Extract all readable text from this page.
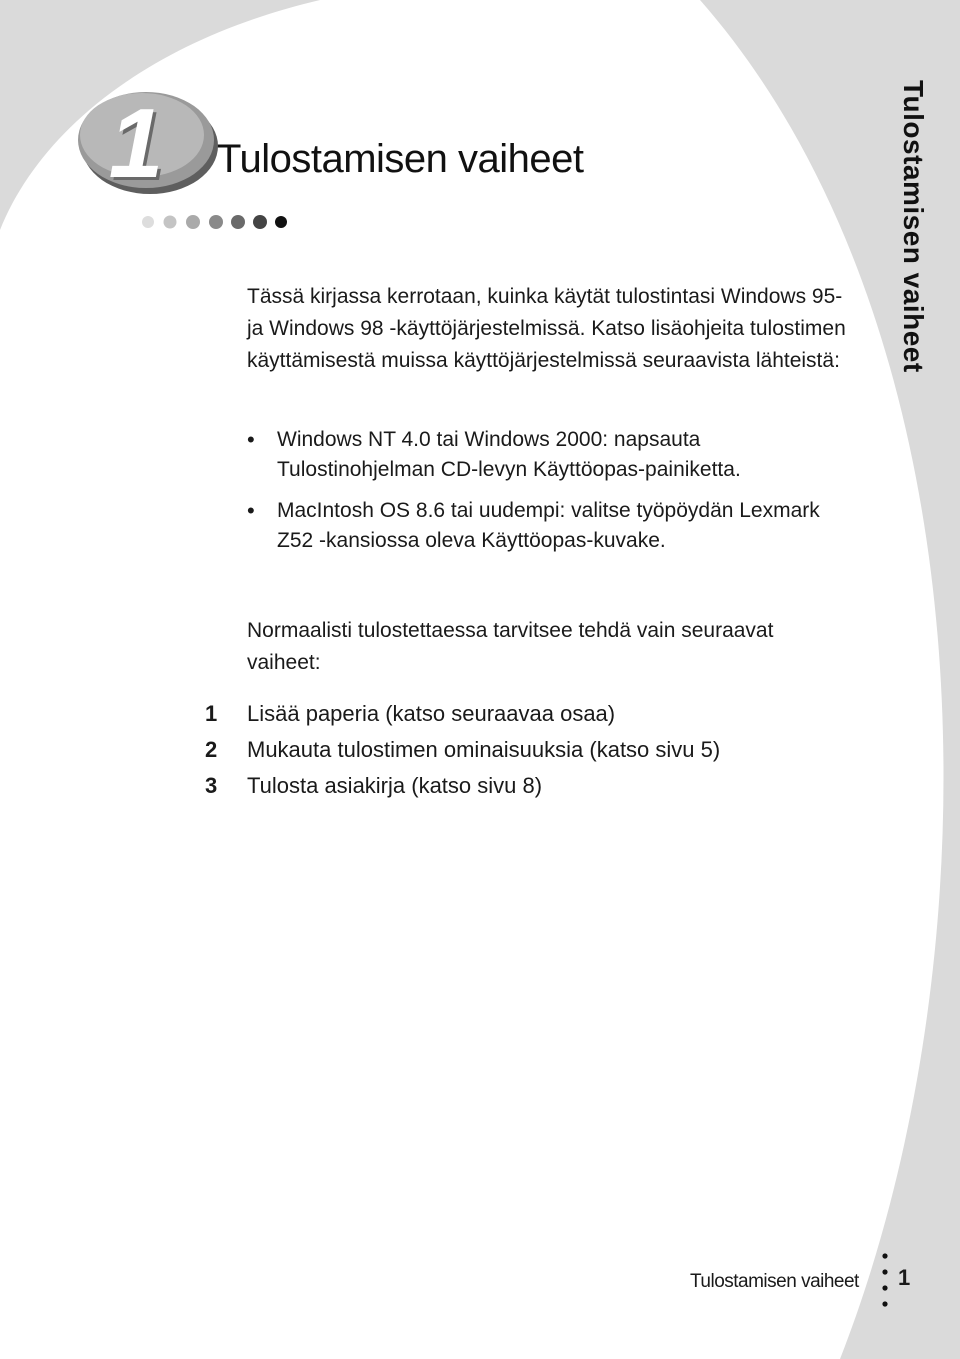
1	Tulostamisen vaiheet	Tulostamisen vaiheet

Tässä kirjassa kerrotaan, kuinka käytät tulostintasi Windows 95- ja Windows 98 -käyttöjärjestelmissä. Katso lisäohjeita tulostimen käyttämisestä muissa käyttöjärjestelmissä seuraavista lähteistä:

• Windows NT 4.0 tai Windows 2000: napsauta Tulostinohjelman CD-levyn Käyttöopas-painiketta.
• MacIntosh OS 8.6 tai uudempi: valitse työpöydän Lexmark Z52 -kansiossa oleva Käyttöopas-kuvake.

Normaalisti tulostettaessa tarvitsee tehdä vain seuraavat vaiheet:

1	Lisää paperia (katso seuraavaa osaa)
2	Mukauta tulostimen ominaisuuksia (katso sivu 5)
3	Tulosta asiakirja (katso sivu 8)
Tulostamisen vaiheet 1
